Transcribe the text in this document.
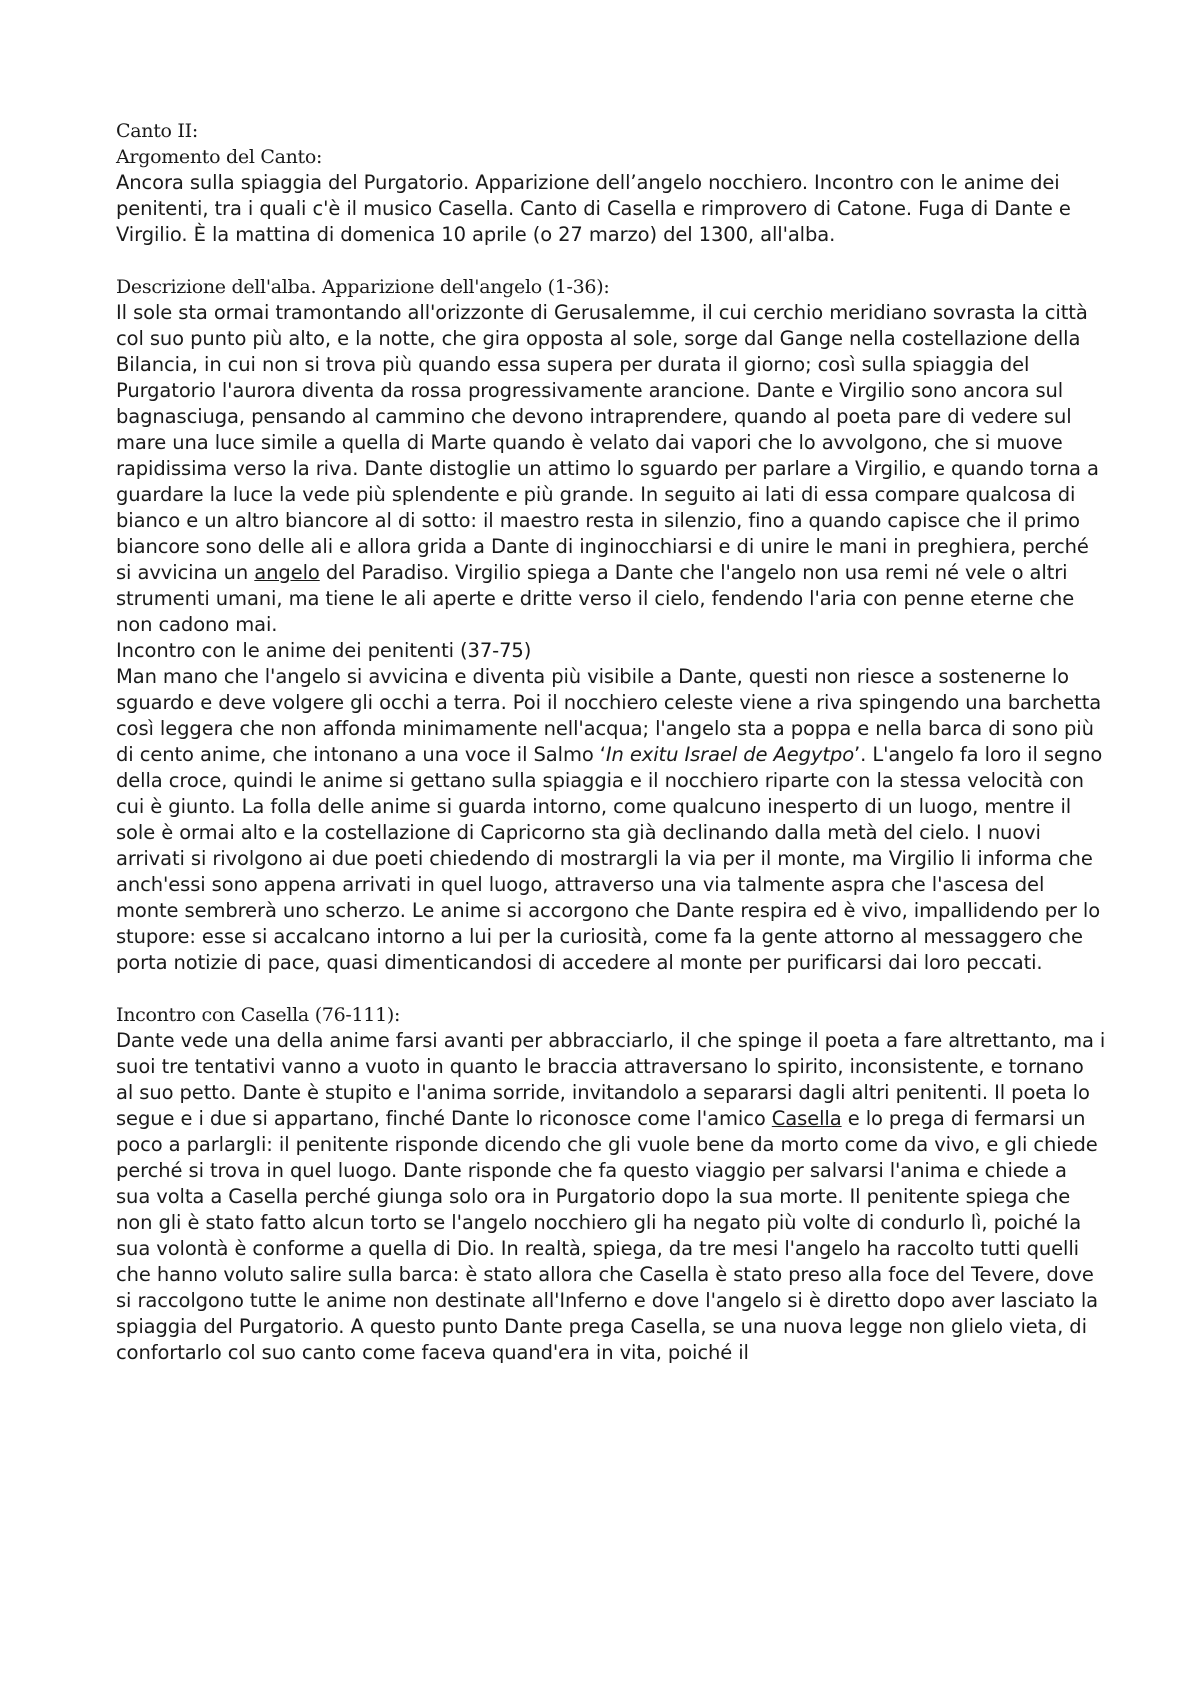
Canto II:

Argomento del Canto:

Ancora sulla spiaggia del Purgatorio. Apparizione dell’angelo nocchiero. Incontro con le anime dei penitenti, tra i quali c'è il musico Casella. Canto di Casella e rimprovero di Catone. Fuga di Dante e Virgilio. È la mattina di domenica 10 aprile (o 27 marzo) del 1300, all'alba.

Descrizione dell'alba. Apparizione dell'angelo (1-36):

Il sole sta ormai tramontando all'orizzonte di Gerusalemme, il cui cerchio meridiano sovrasta la città col suo punto più alto, e la notte, che gira opposta al sole, sorge dal Gange nella costellazione della Bilancia, in cui non si trova più quando essa supera per durata il giorno; così sulla spiaggia del Purgatorio l'aurora diventa da rossa progressivamente arancione. Dante e Virgilio sono ancora sul bagnasciuga, pensando al cammino che devono intraprendere, quando al poeta pare di vedere sul mare una luce simile a quella di Marte quando è velato dai vapori che lo avvolgono, che si muove rapidissima verso la riva. Dante distoglie un attimo lo sguardo per parlare a Virgilio, e quando torna a guardare la luce la vede più splendente e più grande. In seguito ai lati di essa compare qualcosa di bianco e un altro biancore al di sotto: il maestro resta in silenzio, fino a quando capisce che il primo biancore sono delle ali e allora grida a Dante di inginocchiarsi e di unire le mani in preghiera, perché si avvicina un angelo del Paradiso. Virgilio spiega a Dante che l'angelo non usa remi né vele o altri strumenti umani, ma tiene le ali aperte e dritte verso il cielo, fendendo l'aria con penne eterne che non cadono mai.

Incontro con le anime dei penitenti (37-75)

Man mano che l'angelo si avvicina e diventa più visibile a Dante, questi non riesce a sostenerne lo sguardo e deve volgere gli occhi a terra. Poi il nocchiero celeste viene a riva spingendo una barchetta così leggera che non affonda minimamente nell'acqua; l'angelo sta a poppa e nella barca di sono più di cento anime, che intonano a una voce il Salmo ‘In exitu Israel de Aegytpo’. L'angelo fa loro il segno della croce, quindi le anime si gettano sulla spiaggia e il nocchiero riparte con la stessa velocità con cui è giunto. La folla delle anime si guarda intorno, come qualcuno inesperto di un luogo, mentre il sole è ormai alto e la costellazione di Capricorno sta già declinando dalla metà del cielo. I nuovi arrivati si rivolgono ai due poeti chiedendo di mostrargli la via per il monte, ma Virgilio li informa che anch'essi sono appena arrivati in quel luogo, attraverso una via talmente aspra che l'ascesa del monte sembrerà uno scherzo. Le anime si accorgono che Dante respira ed è vivo, impallidendo per lo stupore: esse si accalcano intorno a lui per la curiosità, come fa la gente attorno al messaggero che porta notizie di pace, quasi dimenticandosi di accedere al monte per purificarsi dai loro peccati.

Incontro con Casella (76-111):

Dante vede una della anime farsi avanti per abbracciarlo, il che spinge il poeta a fare altrettanto, ma i suoi tre tentativi vanno a vuoto in quanto le braccia attraversano lo spirito, inconsistente, e tornano al suo petto. Dante è stupito e l'anima sorride, invitandolo a separarsi dagli altri penitenti. Il poeta lo segue e i due si appartano, finché Dante lo riconosce come l'amico Casella e lo prega di fermarsi un poco a parlargli: il penitente risponde dicendo che gli vuole bene da morto come da vivo, e gli chiede perché si trova in quel luogo. Dante risponde che fa questo viaggio per salvarsi l'anima e chiede a sua volta a Casella perché giunga solo ora in Purgatorio dopo la sua morte. Il penitente spiega che non gli è stato fatto alcun torto se l'angelo nocchiero gli ha negato più volte di condurlo lì, poiché la sua volontà è conforme a quella di Dio. In realtà, spiega, da tre mesi l'angelo ha raccolto tutti quelli che hanno voluto salire sulla barca: è stato allora che Casella è stato preso alla foce del Tevere, dove si raccolgono tutte le anime non destinate all'Inferno e dove l'angelo si è diretto dopo aver lasciato la spiaggia del Purgatorio. A questo punto Dante prega Casella, se una nuova legge non glielo vieta, di confortarlo col suo canto come faceva quand'era in vita, poiché il
